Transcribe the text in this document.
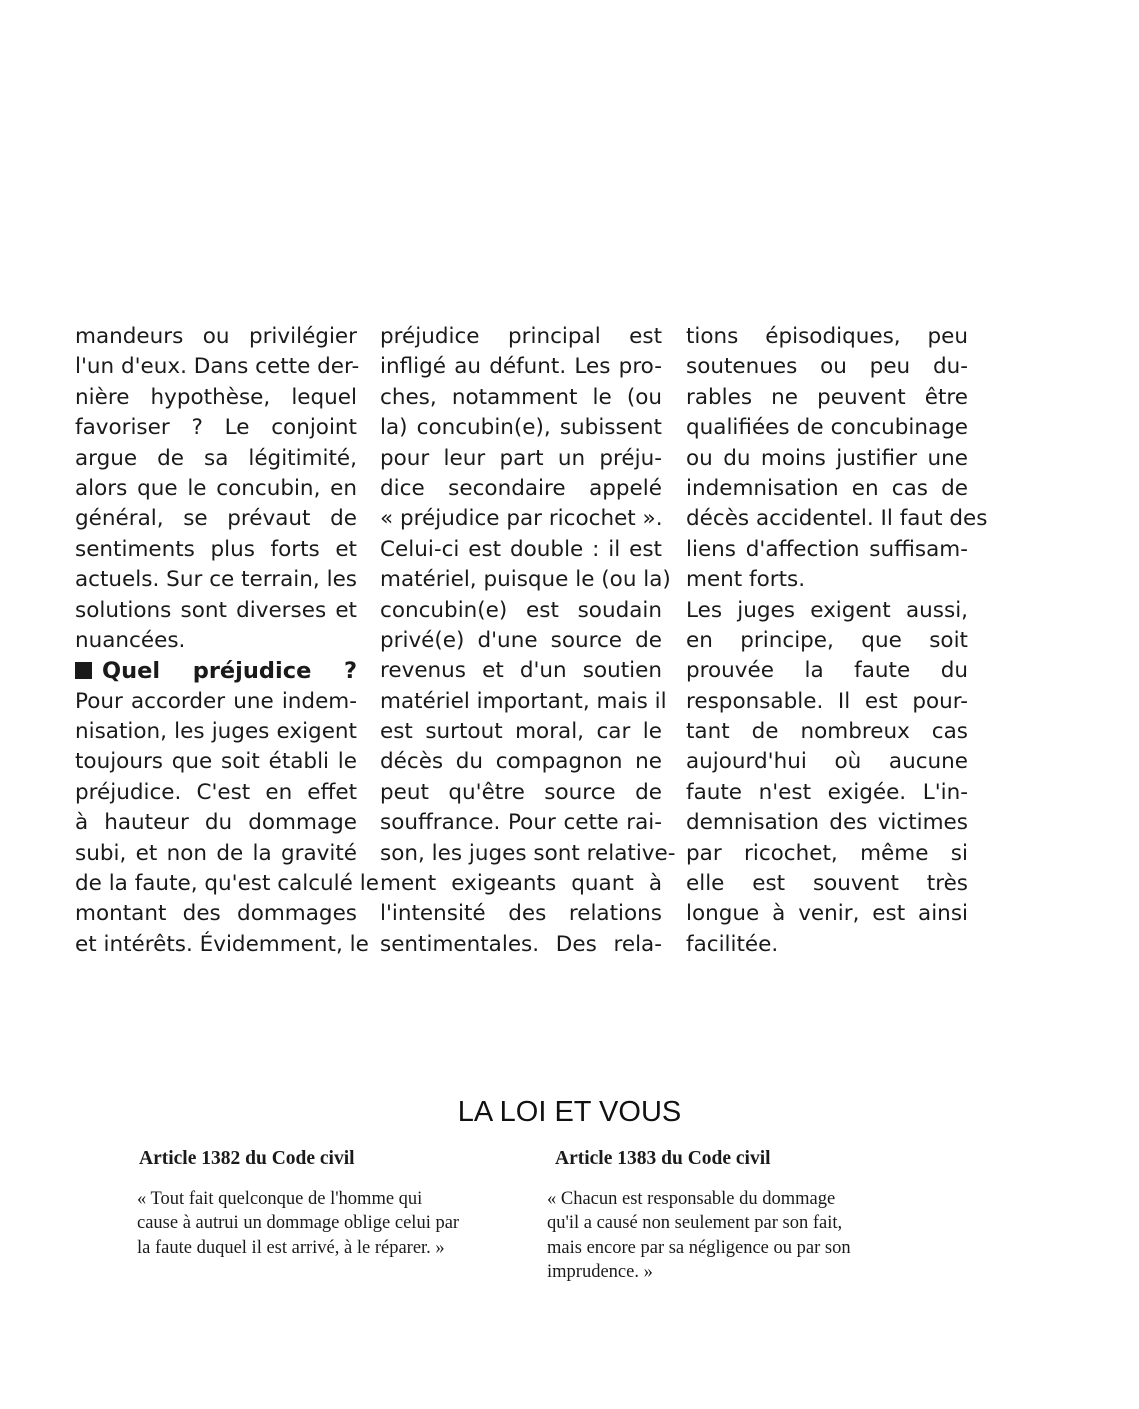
mandeurs ou privilégier
l'un d'eux. Dans cette der-
nière hypothèse, lequel
favoriser ? Le conjoint
argue de sa légitimité,
alors que le concubin, en
général, se prévaut de
sentiments plus forts et
actuels. Sur ce terrain, les
solutions sont diverses et
nuancées.
Quel préjudice ?
Pour accorder une indem-
nisation, les juges exigent
toujours que soit établi le
préjudice. C'est en effet
à hauteur du dommage
subi, et non de la gravité
de la faute, qu'est calculé le
montant des dommages
et intérêts. Évidemment, le
préjudice principal est
infligé au défunt. Les pro-
ches, notamment le (ou
la) concubin(e), subissent
pour leur part un préju-
dice secondaire appelé
« préjudice par ricochet ».
Celui-ci est double : il est
matériel, puisque le (ou la)
concubin(e) est soudain
privé(e) d'une source de
revenus et d'un soutien
matériel important, mais il
est surtout moral, car le
décès du compagnon ne
peut qu'être source de
souffrance. Pour cette rai-
son, les juges sont relative-
ment exigeants quant à
l'intensité des relations
sentimentales. Des rela-
tions épisodiques, peu
soutenues ou peu du-
rables ne peuvent être
qualifiées de concubinage
ou du moins justifier une
indemnisation en cas de
décès accidentel. Il faut des
liens d'affection suffisam-
ment forts.
Les juges exigent aussi,
en principe, que soit
prouvée la faute du
responsable. Il est pour-
tant de nombreux cas
aujourd'hui où aucune
faute n'est exigée. L'in-
demnisation des victimes
par ricochet, même si
elle est souvent très
longue à venir, est ainsi
facilitée.
LA LOI ET VOUS
Article 1382 du Code civil	Article 1383 du Code civil
« Tout fait quelconque de l'homme qui
cause à autrui un dommage oblige celui par
la faute duquel il est arrivé, à le réparer. »
« Chacun est responsable du dommage
qu'il a causé non seulement par son fait,
mais encore par sa négligence ou par son
imprudence. »
